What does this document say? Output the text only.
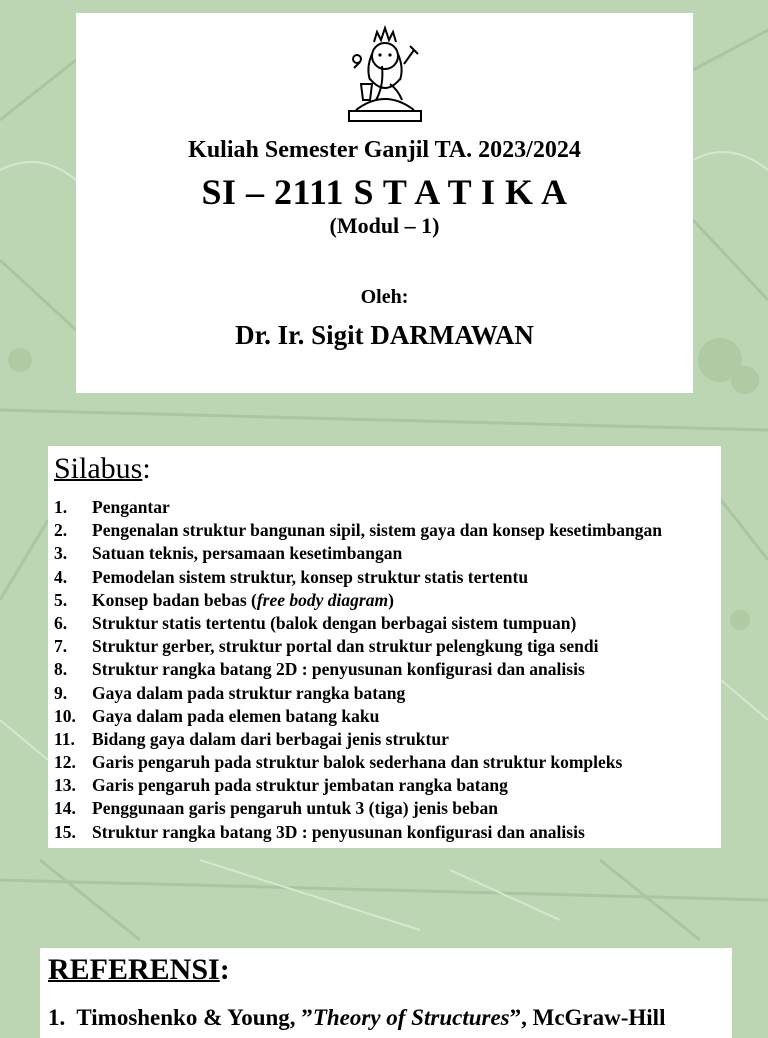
Kuliah Semester Ganjil TA. 2023/2024
SI – 2111 S T A T I K A
(Modul – 1)
Oleh:
Dr. Ir. Sigit DARMAWAN
Silabus:
1. Pengantar
2. Pengenalan struktur bangunan sipil, sistem gaya dan konsep kesetimbangan
3. Satuan teknis, persamaan kesetimbangan
4. Pemodelan sistem struktur, konsep struktur statis tertentu
5. Konsep badan bebas (free body diagram)
6. Struktur statis tertentu (balok dengan berbagai sistem tumpuan)
7. Struktur gerber, struktur portal dan struktur pelengkung tiga sendi
8. Struktur rangka batang 2D : penyusunan konfigurasi dan analisis
9. Gaya dalam pada struktur rangka batang
10. Gaya dalam pada elemen batang kaku
11. Bidang gaya dalam dari berbagai jenis struktur
12. Garis pengaruh pada struktur balok sederhana dan struktur kompleks
13. Garis pengaruh pada struktur jembatan rangka batang
14. Penggunaan garis pengaruh untuk 3 (tiga) jenis beban
15. Struktur rangka batang 3D : penyusunan konfigurasi dan analisis
REFERENSI:
1. Timoshenko & Young, ”Theory of Structures”, McGraw-Hill
